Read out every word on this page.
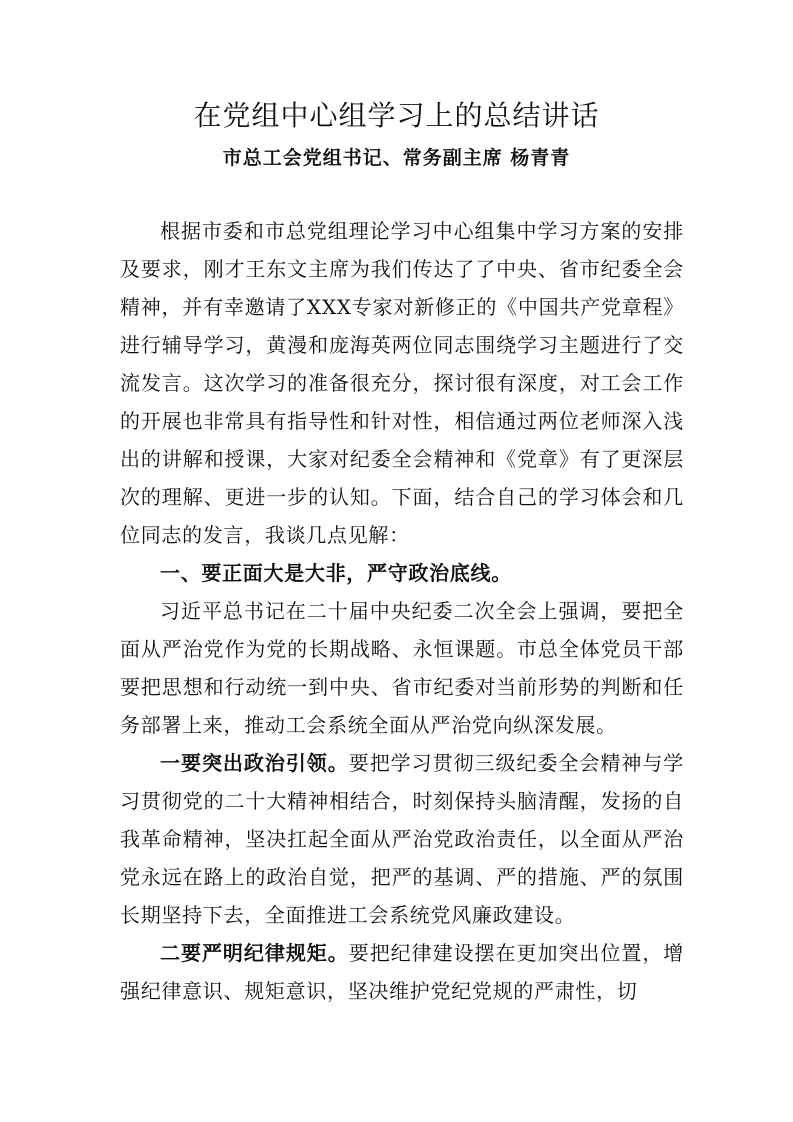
在党组中心组学习上的总结讲话

市总工会党组书记、常务副主席 杨青青

根据市委和市总党组理论学习中心组集中学习方案的安排及要求，刚才王东文主席为我们传达了了中央、省市纪委全会精神，并有幸邀请了XXX专家对新修正的《中国共产党章程》进行辅导学习，黄漫和庞海英两位同志围绕学习主题进行了交流发言。这次学习的准备很充分，探讨很有深度，对工会工作的开展也非常具有指导性和针对性，相信通过两位老师深入浅出的讲解和授课，大家对纪委全会精神和《党章》有了更深层次的理解、更进一步的认知。下面，结合自己的学习体会和几位同志的发言，我谈几点见解：

一、要正面大是大非，严守政治底线。

习近平总书记在二十届中央纪委二次全会上强调，要把全面从严治党作为党的长期战略、永恒课题。市总全体党员干部要把思想和行动统一到中央、省市纪委对当前形势的判断和任务部署上来，推动工会系统全面从严治党向纵深发展。

一要突出政治引领。要把学习贯彻三级纪委全会精神与学习贯彻党的二十大精神相结合，时刻保持头脑清醒，发扬的自我革命精神，坚决扛起全面从严治党政治责任，以全面从严治党永远在路上的政治自觉，把严的基调、严的措施、严的氛围长期坚持下去，全面推进工会系统党风廉政建设。

二要严明纪律规矩。要把纪律建设摆在更加突出位置，增强纪律意识、规矩意识，坚决维护党纪党规的严肃性，切
